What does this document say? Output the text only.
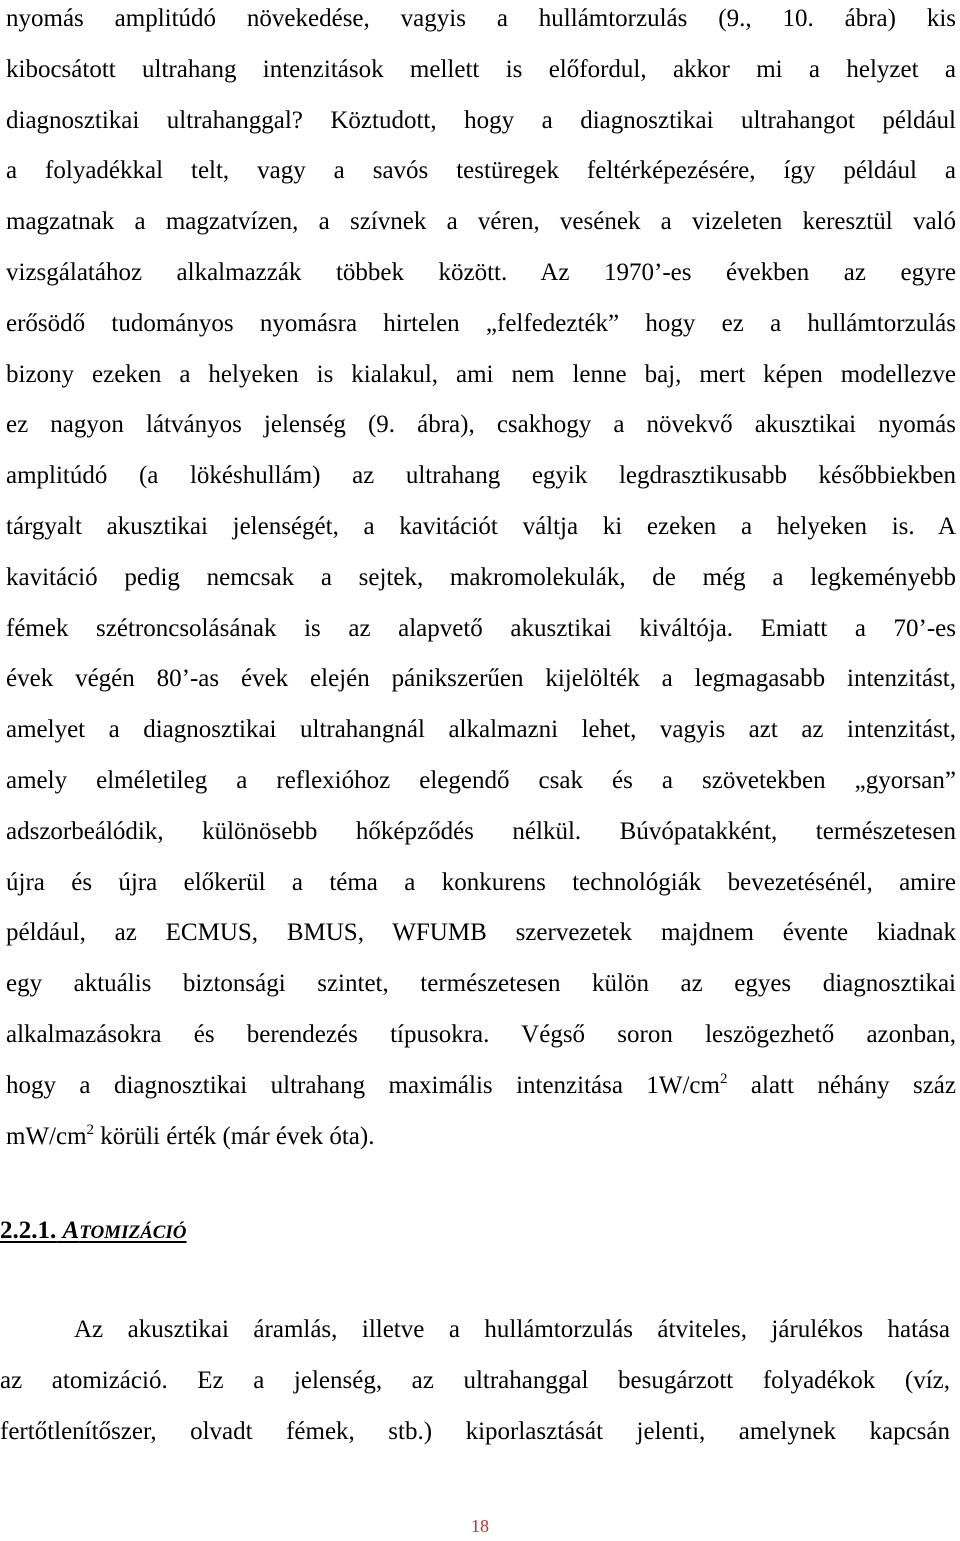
nyomás amplitúdó növekedése, vagyis a hullámtorzulás (9., 10. ábra) kis
kibocsátott ultrahang intenzitások mellett is előfordul, akkor mi a helyzet a
diagnosztikai ultrahanggal? Köztudott, hogy a diagnosztikai ultrahangot például
a folyadékkal telt, vagy a savós testüregek feltérképezésére, így például a
magzatnak a magzatvízen, a szívnek a véren, vesének a vizeleten keresztül való
vizsgálatához alkalmazzák többek között. Az 1970’-es években az egyre
erősödő tudományos nyomásra hirtelen „felfedezték” hogy ez a hullámtorzulás
bizony ezeken a helyeken is kialakul, ami nem lenne baj, mert képen modellezve
ez nagyon látványos jelenség (9. ábra), csakhogy a növekvő akusztikai nyomás
amplitúdó (a lökéshullám) az ultrahang egyik legdrasztikusabb későbbiekben
tárgyalt akusztikai jelenségét, a kavitációt váltja ki ezeken a helyeken is. A
kavitáció pedig nemcsak a sejtek, makromolekulák, de még a legkeményebb
fémek szétroncsolásának is az alapvető akusztikai kiváltója. Emiatt a 70’-es
évek végén 80’-as évek elején pánikszerűen kijelölték a legmagasabb intenzitást,
amelyet a diagnosztikai ultrahangnál alkalmazni lehet, vagyis azt az intenzitást,
amely elméletileg a reflexióhoz elegendő csak és a szövetekben „gyorsan”
adszorbeálódik, különösebb hőképződés nélkül. Búvópatakként, természetesen
újra és újra előkerül a téma a konkurens technológiák bevezetésénél, amire
például, az ECMUS, BMUS, WFUMB szervezetek majdnem évente kiadnak
egy aktuális biztonsági szintet, természetesen külön az egyes diagnosztikai
alkalmazásokra és berendezés típusokra. Végső soron leszögezhető azonban,
hogy a diagnosztikai ultrahang maximális intenzitása $1W/cm^2$ alatt néhány száz
$mW/cm^2$ körüli érték (már évek óta).
2.2.1. ATOMIZÁCIÓ
Az akusztikai áramlás, illetve a hullámtorzulás átviteles, járulékos hatása
az atomizáció. Ez a jelenség, az ultrahanggal besugárzott folyadékok (víz,
fertőtlenítőszer, olvadt fémek, stb.) kiporlasztását jelenti, amelynek kapcsán
18
